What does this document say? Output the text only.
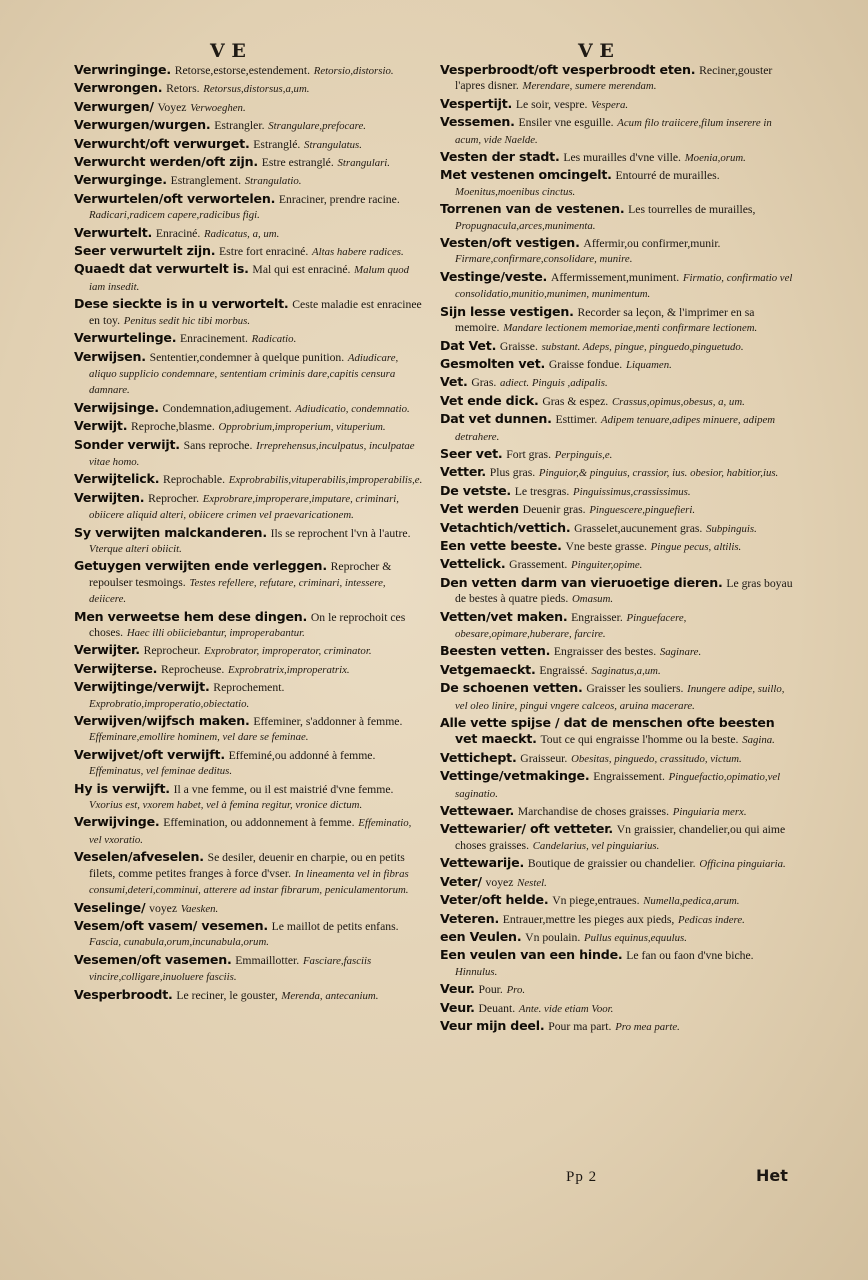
V E	V E
Verwringinge. Retorse,estorse,estendement. Retorsio,distorsio.
Verwrongen. Retors. Retorsus,distorsus,a,um.
Verwurgen/ Voyez Verwoeghen.
Verwurgen/wurgen. Estrangler. Strangulare,prefocare.
Verwurcht/oft verwurget. Estranglé. Strangulatus.
Verwurcht werden/oft zijn. Estre estranglé. Strangulari.
Verwurginge. Estranglement. Strangulatio.
Verwurtelen/oft verwortelen. Enraciner, prendre racine. Radicari,radicem capere,radicibus figi.
Verwurtelt. Enraciné. Radicatus, a, um.
Seer verwurtelt zijn. Estre fort enraciné. Altas habere radices.
Quaedt dat verwurtelt is. Mal qui est enraciné. Malum quod iam insedit.
Dese sieckte is in u verwortelt. Ceste maladie est enracinee en toy. Penitus sedit hic tibi morbus.
Verwurtelinge. Enracinement. Radicatio.
Verwijsen. Sententier,condemner à quelque punition. Adiudicare, aliquo supplicio condemnare, sententiam criminis dare,capitis censura damnare.
Verwijsinge. Condemnation,adiugement. Adiudicatio, condemnatio.
Verwijt. Reproche,blasme. Opprobrium,improperium, vituperium.
Sonder verwijt. Sans reproche. Irreprehensus,inculpatus, inculpatae vitae homo.
Verwijtelick. Reprochable. Exprobrabilis,vituperabilis,improperabilis,e.
Verwijten. Reprocher. Exprobrare,improperare,imputare, criminari, obiicere aliquid alteri, obiicere crimen vel praevaricationem.
Sy verwijten malckanderen. Ils se reprochent l'vn à l'autre. Vterque alteri obiicit.
Getuygen verwijten ende verleggen. Reprocher & repoulser tesmoings. Testes refellere, refutare, criminari, intessere, deiicere.
Men verweetse hem dese dingen. On le reprochoit ces choses. Haec illi obiiciebantur, improperabantur.
Verwijter. Reprocheur. Exprobrator, improperator, criminator.
Verwijterse. Reprocheuse. Exprobratrix,improperatrix.
Verwijtinge/verwijt. Reprochement. Exprobratio,improperatio,obiectatio.
Verwijven/wijfsch maken. Effeminer, s'addonner à femme. Effeminare,emollire hominem, vel dare se feminae.
Verwijvet/oft verwijft. Effeminé,ou addonné à femme. Effeminatus, vel feminae deditus.
Hy is verwijft. Il a vne femme, ou il est maistrié d'vne femme. Vxorius est, vxorem habet, vel à femina regitur, vronice dictum.
Verwijvinge. Effemination, ou addonnement à femme. Effeminatio, vel vxoratio.
Veselen/afveselen. Se desiler, deuenir en charpie, ou en petits filets, comme petites franges à force d'vser. In lineamenta vel in fibras consumi,deteri,comminui, atterere ad instar fibrarum, peniculamentorum.
Veselinge/ voyez Vaesken.
Vesem/oft vasem/ vesemen. Le maillot de petits enfans. Fascia, cunabula,orum,incunabula,orum.
Vesemen/oft vasemen. Emmaillotter. Fasciare,fasciis vincire,colligare,inuoluere fasciis.
Vesperbroodt. Le reciner, le gouster, Merenda, antecanium.
Vesperbroodt/oft vesperbroodt eten. Reciner,gouster l'apres disner. Merendare, sumere merendam.
Vespertijt. Le soir, vespre. Vespera.
Vessemen. Ensiler vne esguille. Acum filo traiicere,filum inserere in acum, vide Naelde.
Vesten der stadt. Les murailles d'vne ville. Moenia,orum.
Met vestenen omcingelt. Entourré de murailles. Moenitus,moenibus cinctus.
Torrenen van de vestenen. Les tourrelles de murailles, Propugnacula,arces,munimenta.
Vesten/oft vestigen. Affermir,ou confirmer,munir. Firmare,confirmare,consolidare, munire.
Vestinge/veste. Affermissement,muniment. Firmatio, confirmatio vel consolidatio,munitio,munimen, munimentum.
Sijn lesse vestigen. Recorder sa leçon, & l'imprimer en sa memoire. Mandare lectionem memoriae,menti confirmare lectionem.
Dat Vet. Graisse. substant. Adeps, pingue, pinguedo,pinguetudo.
Gesmolten vet. Graisse fondue. Liquamen.
Vet. Gras. adiect. Pinguis ,adipalis.
Vet ende dick. Gras & espez. Crassus,opimus,obesus, a, um.
Dat vet dunnen. Esttimer. Adipem tenuare,adipes minuere, adipem detrahere.
Seer vet. Fort gras. Perpinguis,e.
Vetter. Plus gras. Pinguior,& pinguius, crassior, ius. obesior, habitior,ius.
De vetste. Le tresgras. Pinguissimus,crassissimus.
Vet werden Deuenir gras. Pinguescere,pinguefieri.
Vetachtich/vettich. Grasselet,aucunement gras. Subpinguis.
Een vette beeste. Vne beste grasse. Pingue pecus, altilis.
Vettelick. Grassement. Pinguiter,opime.
Den vetten darm van vieruoetige dieren. Le gras boyau de bestes à quatre pieds. Omasum.
Vetten/vet maken. Engraisser. Pinguefacere, obesare,opimare,huberare, farcire.
Beesten vetten. Engraisser des bestes. Saginare.
Vetgemaeckt. Engraissé. Saginatus,a,um.
De schoenen vetten. Graisser les souliers. Inungere adipe, suillo, vel oleo linire, pingui vngere calceos, aruina macerare.
Alle vette spijse / dat de menschen ofte beesten vet maeckt. Tout ce qui engraisse l'homme ou la beste. Sagina.
Vettichept. Graisseur. Obesitas, pinguedo, crassitudo, victum.
Vettinge/vetmakinge. Engraissement. Pinguefactio,opimatio,vel saginatio.
Vettewaer. Marchandise de choses graisses. Pinguiaria merx.
Vettewarier/ oft vetteter. Vn graissier, chandelier,ou qui aime choses graisses. Candelarius, vel pinguiarius.
Vettewarije. Boutique de graissier ou chandelier. Officina pinguiaria.
Veter/ voyez Nestel.
Veter/oft helde. Vn piege,entraues. Numella,pedica,arum.
Veteren. Entrauer,mettre les pieges aux pieds, Pedicas indere.
een Veulen. Vn poulain. Pullus equinus,equulus.
Een veulen van een hinde. Le fan ou faon d'vne biche. Hinnulus.
Veur. Pour. Pro.
Veur. Deuant. Ante. vide etiam Voor.
Veur mijn deel. Pour ma part. Pro mea parte.
Pp 2	Het
